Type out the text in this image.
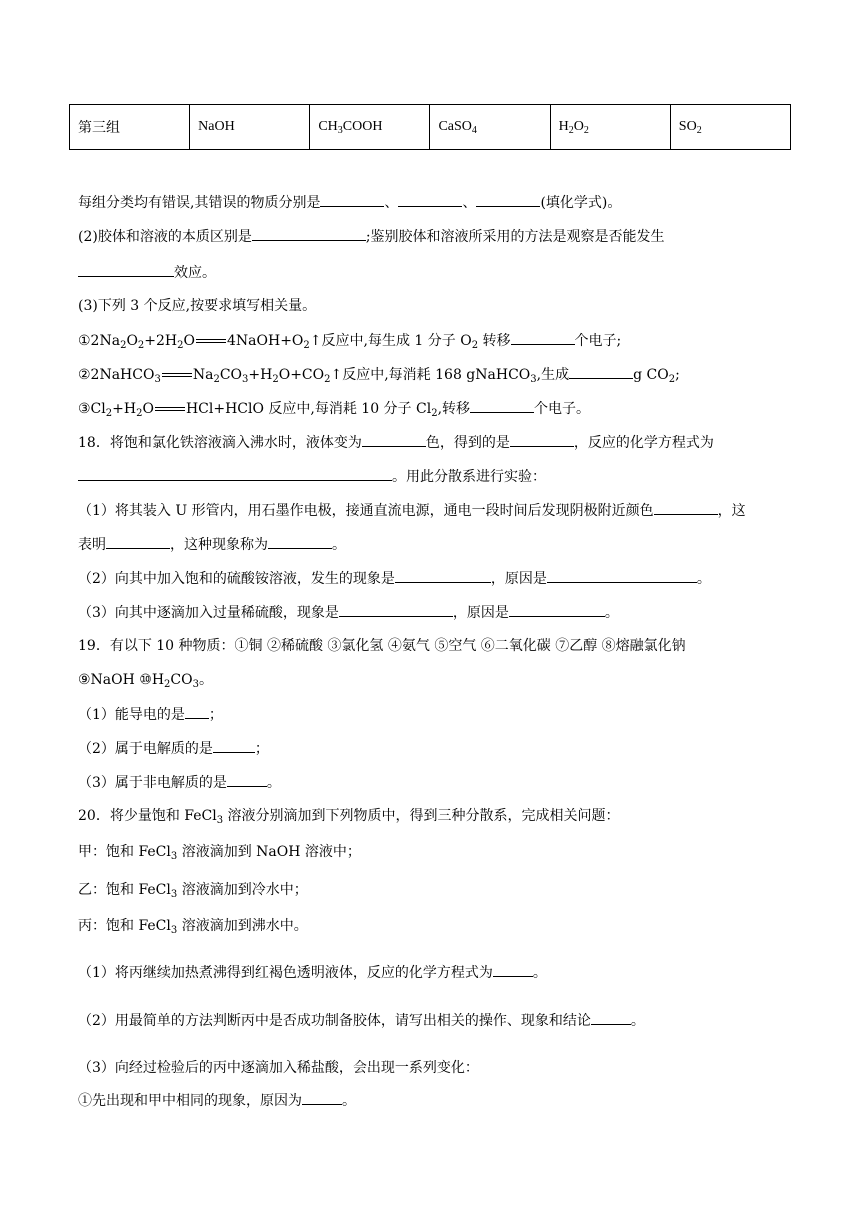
第三组	NaOH	$CH_3COOH$	CaSO$_4$	$H_2O_2$	$SO_2$
每组分类均有错误,其错误的物质分别是	、	、	(填化学式)。
(2)胶体和溶液的本质区别是	;鉴别胶体和溶液所采用的方法是观察是否能发生
效应。
(3)下列 3 个反应,按要求填写相关量。
$①2Na_2O_2+2H_2O$ $4NaOH+O_2↑$反应中,每生成 1 分子 $O_2$ 转移	个电子;
②2NaHCO$_3$ $Na_2CO_3+H_2O+CO_2↑$反应中,每消耗 168 gNaHCO$_3$,生成	g $CO_2$;
$③Cl_2+H_2O$ HCl+HClO 反应中,每消耗 10 分子 $Cl_2$,转移	个电子。
18．将饱和氯化铁溶液滴入沸水时，液体变为	色，得到的是	，反应的化学方程式为
。用此分散系进行实验：
（1）将其装入 U 形管内，用石墨作电极，接通直流电源，通电一段时间后发现阴极附近颜色	，这
表明	，这种现象称为	。
（2）向其中加入饱和的硫酸铵溶液，发生的现象是	，原因是	。
（3）向其中逐滴加入过量稀硫酸，现象是	，原因是	。
19．有以下 10 种物质：①铜 ②稀硫酸 ③氯化氢 ④氨气 ⑤空气 ⑥二氧化碳 ⑦乙醇 ⑧熔融氯化钠
⑨NaOH $⑩H_2CO_3$。
（1）能导电的是 ；
（2）属于电解质的是	；
（3）属于非电解质的是	。
20．将少量饱和 FeCl$_3$ 溶液分别滴加到下列物质中，得到三种分散系，完成相关问题：
甲：饱和 FeCl$_3$ 溶液滴加到 NaOH 溶液中；
乙：饱和 FeCl$_3$ 溶液滴加到冷水中；
丙：饱和 FeCl$_3$ 溶液滴加到沸水中。
（1）将丙继续加热煮沸得到红褐色透明液体，反应的化学方程式为	。
（2）用最简单的方法判断丙中是否成功制备胶体，请写出相关的操作、现象和结论	。
（3）向经过检验后的丙中逐滴加入稀盐酸，会出现一系列变化：
①先出现和甲中相同的现象，原因为	。
